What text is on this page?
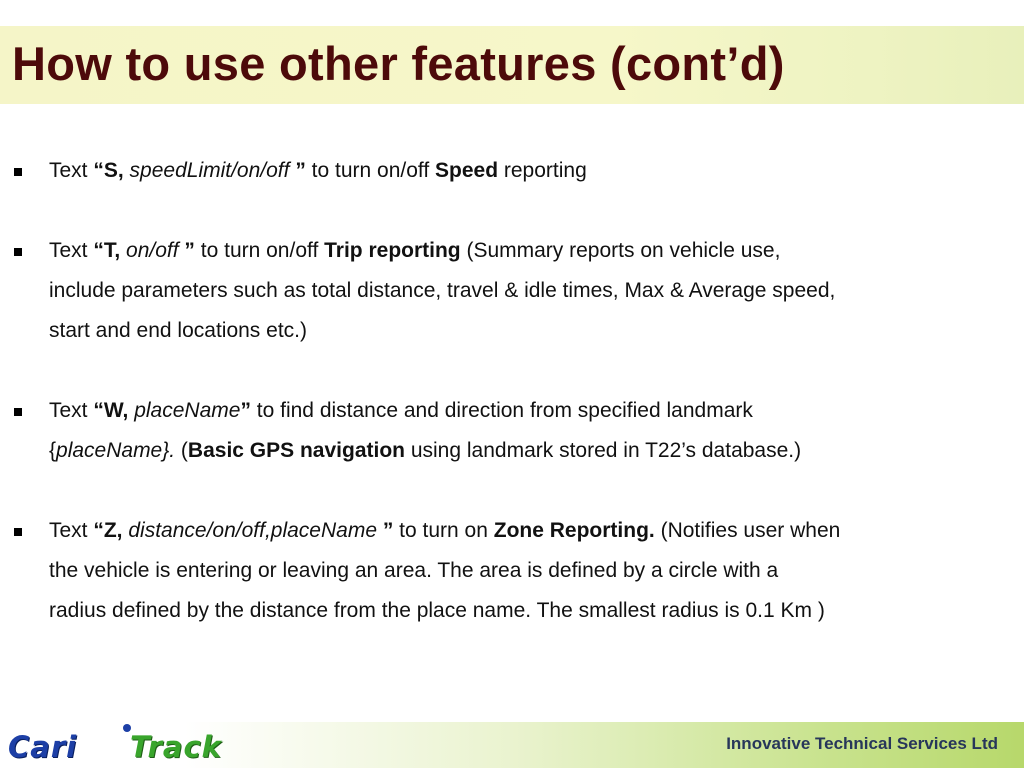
How to use other features (cont’d)
Text “S, speedLimit/on/off ” to turn on/off Speed reporting
Text “T, on/off ” to turn on/off Trip reporting (Summary reports on vehicle use,
include parameters such as total distance, travel & idle times, Max & Average speed,
start and end locations etc.)
Text “W, placeName” to find distance and direction from specified landmark
{placeName}. (Basic GPS navigation using landmark stored in T22’s database.)
Text “Z, distance/on/off,placeName ” to turn on Zone Reporting. (Notifies user when
the vehicle is entering or leaving an area. The area is defined by a circle with a
radius defined by the distance from the place name. The smallest radius is 0.1 Km )
Cari Track	Innovative Technical Services Ltd
